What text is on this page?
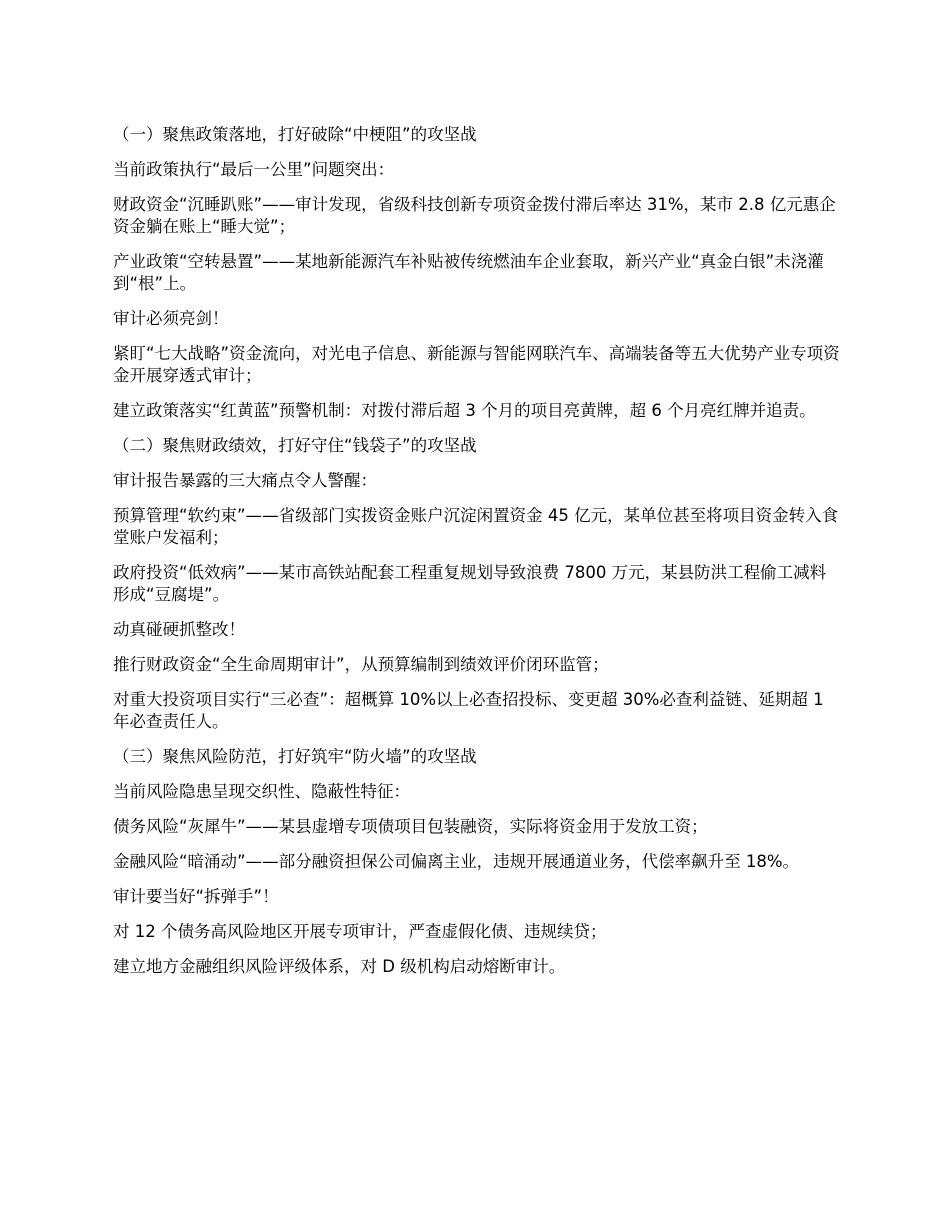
（一）聚焦政策落地，打好破除“中梗阻”的攻坚战

当前政策执行“最后一公里”问题突出：

财政资金“沉睡趴账”——审计发现，省级科技创新专项资金拨付滞后率达 31%，某市 2.8 亿元惠企资金躺在账上“睡大觉”；

产业政策“空转悬置”——某地新能源汽车补贴被传统燃油车企业套取，新兴产业“真金白银”未浇灌到“根”上。

审计必须亮剑！

紧盯“七大战略”资金流向，对光电子信息、新能源与智能网联汽车、高端装备等五大优势产业专项资金开展穿透式审计；

建立政策落实“红黄蓝”预警机制：对拨付滞后超 3 个月的项目亮黄牌，超 6 个月亮红牌并追责。

（二）聚焦财政绩效，打好守住“钱袋子”的攻坚战

审计报告暴露的三大痛点令人警醒：

预算管理“软约束”——省级部门实拨资金账户沉淀闲置资金 45 亿元，某单位甚至将项目资金转入食堂账户发福利；

政府投资“低效病”——某市高铁站配套工程重复规划导致浪费 7800 万元，某县防洪工程偷工减料形成“豆腐堤”。

动真碰硬抓整改！

推行财政资金“全生命周期审计”，从预算编制到绩效评价闭环监管；

对重大投资项目实行“三必查”：超概算 10%以上必查招投标、变更超 30%必查利益链、延期超 1 年必查责任人。

（三）聚焦风险防范，打好筑牢“防火墙”的攻坚战

当前风险隐患呈现交织性、隐蔽性特征：

债务风险“灰犀牛”——某县虚增专项债项目包装融资，实际将资金用于发放工资；

金融风险“暗涌动”——部分融资担保公司偏离主业，违规开展通道业务，代偿率飙升至 18%。

审计要当好“拆弹手”！

对 12 个债务高风险地区开展专项审计，严查虚假化债、违规续贷；

建立地方金融组织风险评级体系，对 D 级机构启动熔断审计。
